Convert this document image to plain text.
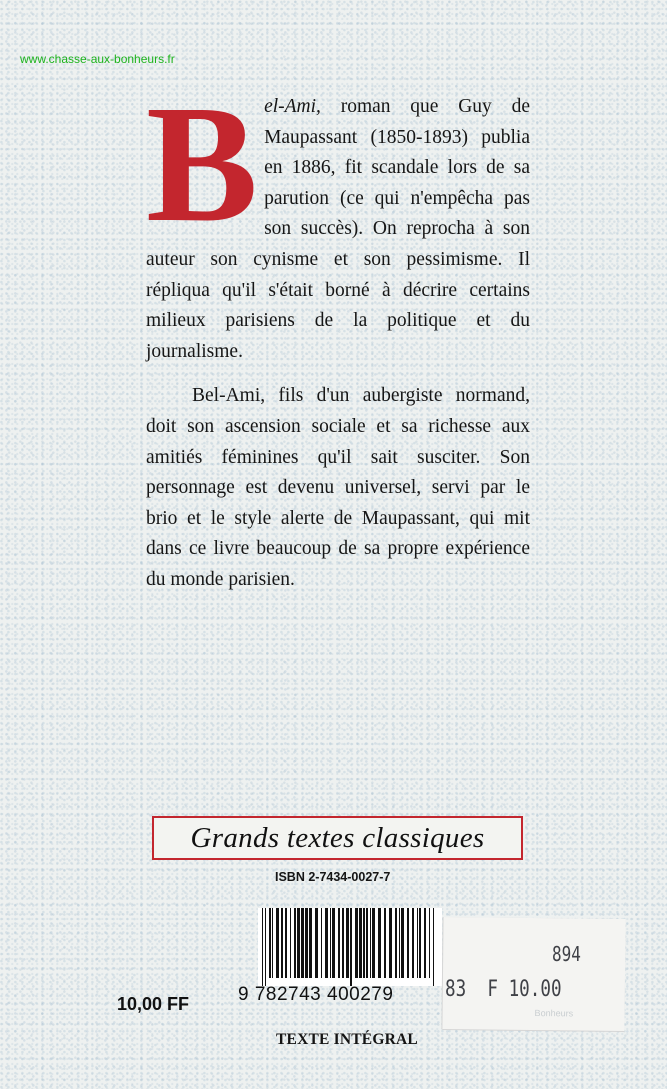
www.chasse-aux-bonheurs.fr

Bel-Ami, roman que Guy de Maupassant (1850-1893) publia en 1886, fit scandale lors de sa parution (ce qui n'empêcha pas son succès). On reprocha à son auteur son cynisme et son pessimisme. Il répliqua qu'il s'était borné à décrire certains milieux parisiens de la politique et du journalisme.

Bel-Ami, fils d'un aubergiste normand, doit son ascension sociale et sa richesse aux amitiés féminines qu'il sait susciter. Son personnage est devenu universel, servi par le brio et le style alerte de Maupassant, qui mit dans ce livre beaucoup de sa propre expérience du monde parisien.

Grands textes classiques
ISBN 2-7434-0027-7
9 782743 400279
10,00 FF
TEXTE INTÉGRAL
Bonheurs
894
83  F 10.00
